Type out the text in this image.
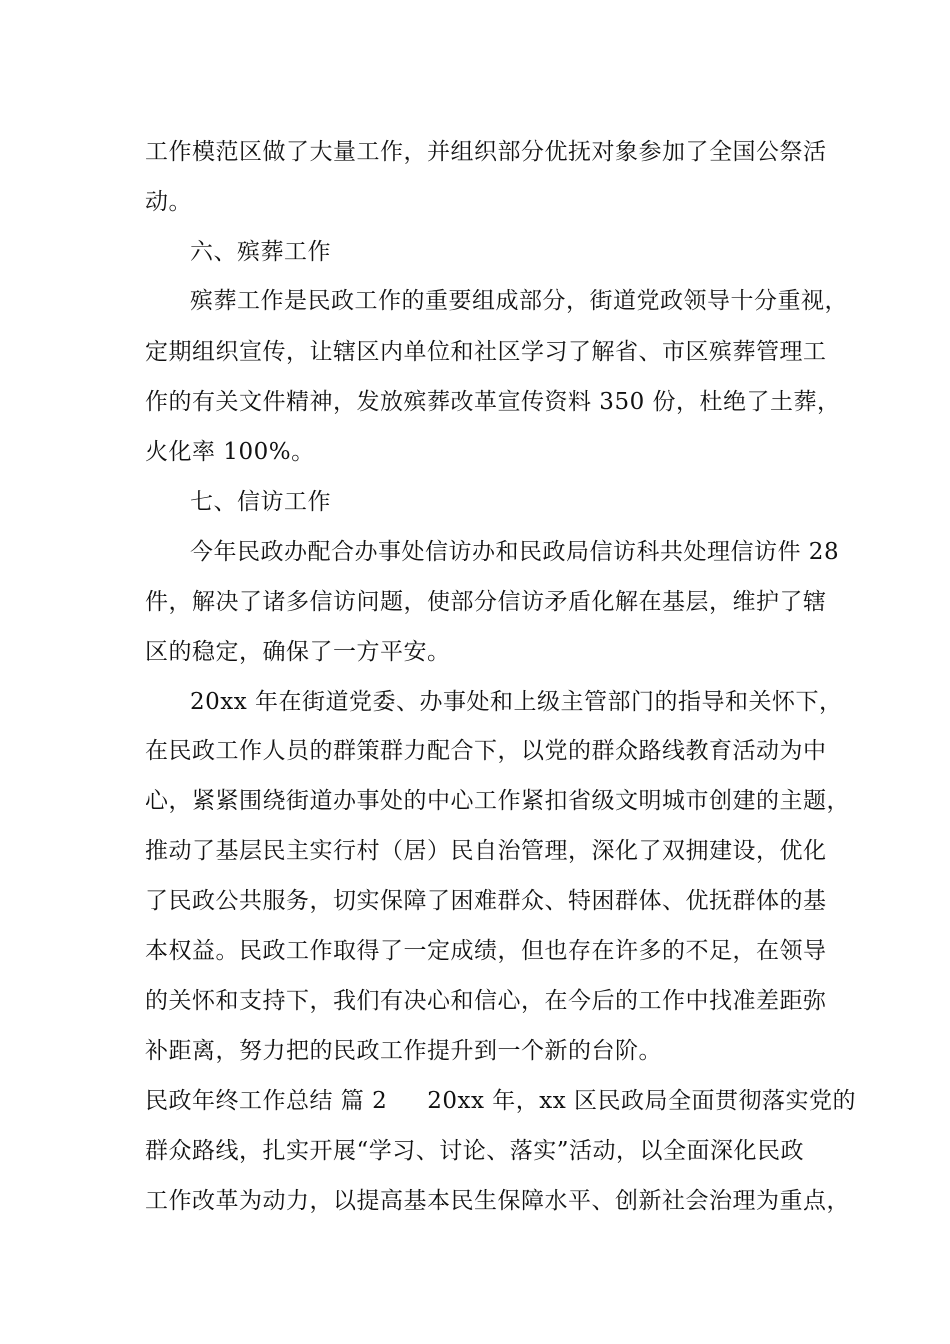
工作模范区做了大量工作，并组织部分优抚对象参加了全国公祭活
动。
六、殡葬工作
殡葬工作是民政工作的重要组成部分，街道党政领导十分重视，
定期组织宣传，让辖区内单位和社区学习了解省、市区殡葬管理工
作的有关文件精神，发放殡葬改革宣传资料 350 份，杜绝了土葬，
火化率 100%。
七、信访工作
今年民政办配合办事处信访办和民政局信访科共处理信访件 28
件，解决了诸多信访问题，使部分信访矛盾化解在基层，维护了辖
区的稳定，确保了一方平安。
20xx 年在街道党委、办事处和上级主管部门的指导和关怀下，
在民政工作人员的群策群力配合下，以党的群众路线教育活动为中
心，紧紧围绕街道办事处的中心工作紧扣省级文明城市创建的主题，
推动了基层民主实行村（居）民自治管理，深化了双拥建设，优化
了民政公共服务，切实保障了困难群众、特困群体、优抚群体的基
本权益。民政工作取得了一定成绩，但也存在许多的不足，在领导
的关怀和支持下，我们有决心和信心，在今后的工作中找准差距弥
补距离，努力把的民政工作提升到一个新的台阶。
民政年终工作总结 篇 2 20xx 年，xx 区民政局全面贯彻落实党的
群众路线，扎实开展“学习、讨论、落实”活动，以全面深化民政
工作改革为动力，以提高基本民生保障水平、创新社会治理为重点，
